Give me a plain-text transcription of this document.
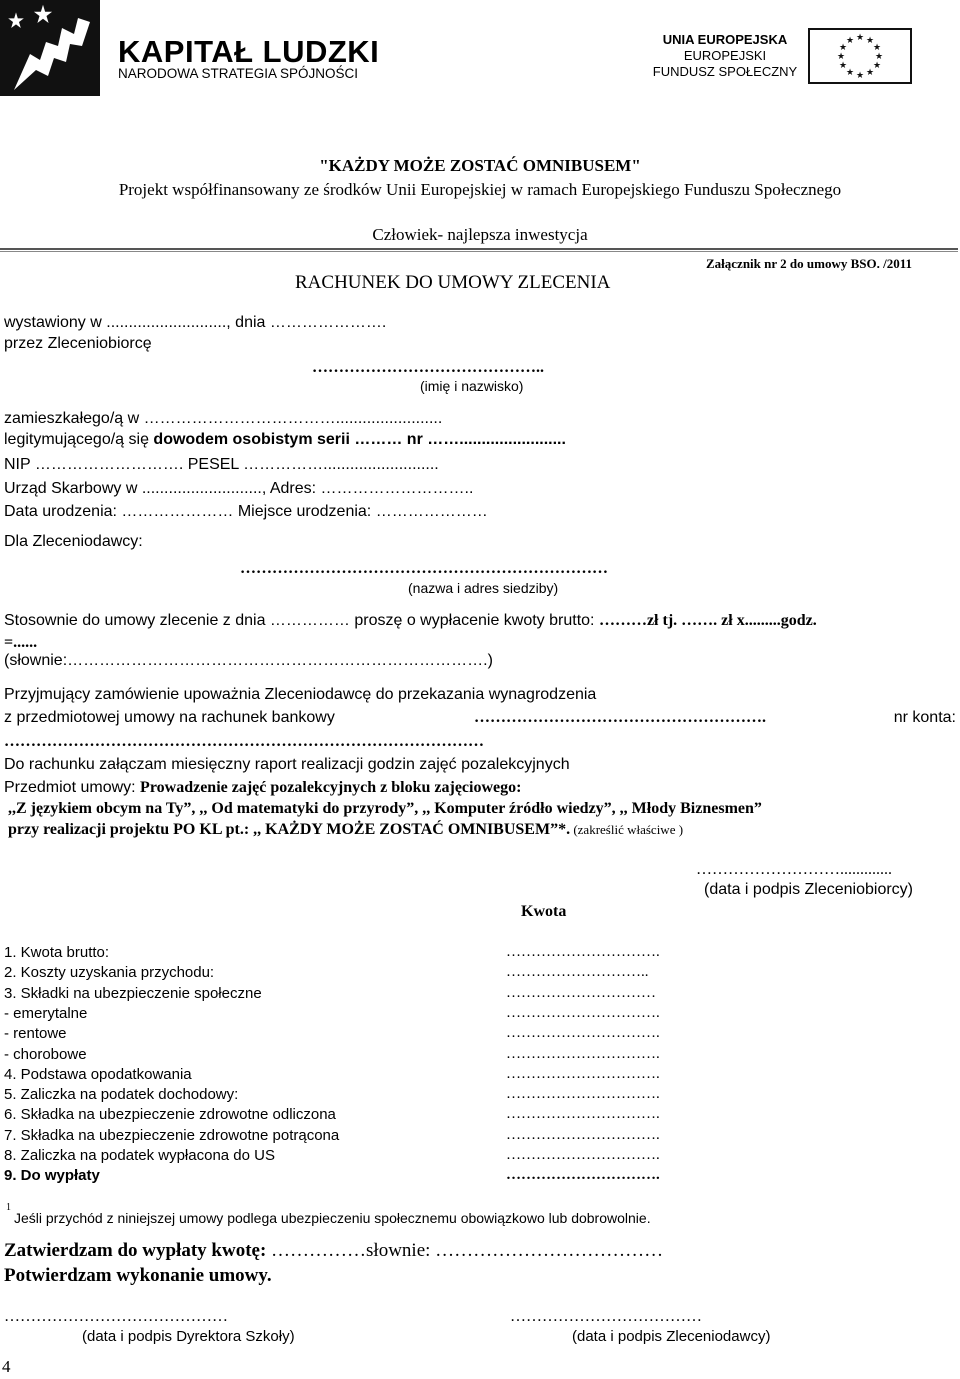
KAPITAŁ LUDZKI
NARODOWA STRATEGIA SPÓJNOŚCI
UNIA EUROPEJSKA
EUROPEJSKI
FUNDUSZ SPOŁECZNY
★ ★
★
★
★
★
★
★
★
★
★
★
"KAŻDY MOŻE ZOSTAĆ OMNIBUSEM"
Projekt współfinansowany ze środków Unii Europejskiej w ramach Europejskiego Funduszu Społecznego
Człowiek- najlepsza inwestycja
RACHUNEK DO UMOWY ZLECENIA
Załącznik nr 2 do umowy BSO. /2011
wystawiony w ..........................., dnia ………………….
przez Zleceniobiorcę
……………………………………..
(imię i nazwisko)
zamieszkałego/ą w ………………………………........................
legitymującego/ą się dowodem osobistym serii ……… nr ……........................
NIP ………………………. PESEL ……………..........................
Urząd Skarbowy w ..........................., Adres: ………………………..
Data urodzenia: ………………… Miejsce urodzenia: …………………
Dla Zleceniodawcy:
……………………………………………………………
(nazwa i adres siedziby)
Stosownie do umowy zlecenie z dnia …………… proszę o wypłacenie kwoty brutto: ………zł tj. ……. zł x.........godz.
=......
(słownie:…………………………………………………………………….)
Przyjmujący zamówienie upoważnia Zleceniodawcę do przekazania wynagrodzenia
z przedmiotowej umowy na rachunek bankowy	……………………………………………….	nr konta:
………………………………………………………………………………
Do rachunku załączam miesięczny raport realizacji godzin zajęć pozalekcyjnych
Przedmiot umowy: Prowadzenie zajęć pozalekcyjnych z bloku zajęciowego:
,,Z językiem obcym na Ty”, ,, Od matematyki do przyrody”, ,, Komputer źródło wiedzy”, ,, Młody Biznesmen”
przy realizacji projektu PO KL pt.: ,, KAŻDY MOŻE ZOSTAĆ OMNIBUSEM”*. (zakreślić właściwe )
……………………….............
(data i podpis Zleceniobiorcy)
Kwota
1. Kwota brutto:	………………………….
2. Koszty uzyskania przychodu:	………………………..
3. Składki na ubezpieczenie społeczne	…………………………
- emerytalne	………………………….
- rentowe	………………………….
- chorobowe	………………………….
4. Podstawa opodatkowania	………………………….
5. Zaliczka na podatek dochodowy:	………………………….
6. Składka na ubezpieczenie zdrowotne odliczona	………………………….
7. Składka na ubezpieczenie zdrowotne potrącona	………………………….
8. Zaliczka na podatek wypłacona do US	………………………….
9. Do wypłaty	………………………….
1
Jeśli przychód z niniejszej umowy podlega ubezpieczeniu społecznemu obowiązkowo lub dobrowolnie.
Zatwierdzam do wypłaty kwotę: ……………słownie: ………………………………
Potwierdzam wykonanie umowy.
……………………………………
(data i podpis Dyrektora Szkoły)
………………………………
(data i podpis Zleceniodawcy)
4
